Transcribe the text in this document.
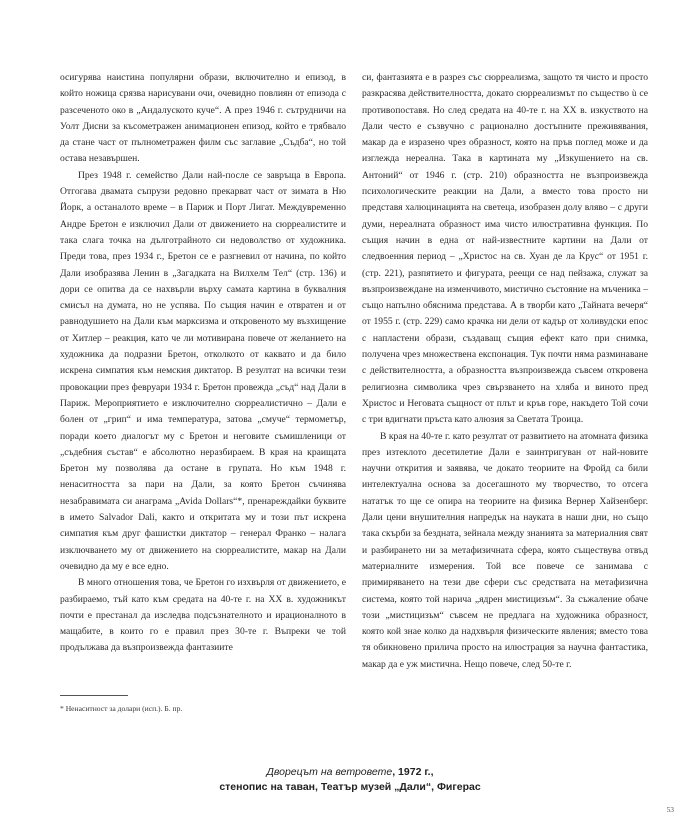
осигурява наистина популярни образи, включително и епизод, в който ножица срязва нарисувани очи, очевидно повлиян от епизода с разсеченото око в „Андалуското куче“. А през 1946 г. сътрудничи на Уолт Дисни за късометражен анимационен епизод, който е трябвало да стане част от пълнометражен филм със заглавие „Съдба“, но той остава незавършен.

През 1948 г. семейство Дали най-после се завръща в Европа. Отгогава двамата съпрузи редовно прекарват част от зимата в Ню Йорк, а останалото време – в Париж и Порт Лигат. Междувременно Андре Бретон е изключил Дали от движението на сюрреалистите и така слага точка на дълготрайното си недоволство от художника. Преди това, през 1934 г., Бретон се е разгневил от начина, по който Дали изобразява Ленин в „Загадката на Вилхелм Тел“ (стр. 136) и дори се опитва да се нахвърли върху самата картина в буквалния смисъл на думата, но не успява. По същия начин е отвратен и от равнодушието на Дали към марксизма и откровеното му възхищение от Хитлер – реакция, като че ли мотивирана повече от желанието на художника да подразни Бретон, отколкото от каквато и да било искрена симпатия към немския диктатор. В резултат на всички тези провокации през февруари 1934 г. Бретон провежда „съд“ над Дали в Париж. Мероприятието е изключително сюрреалистично – Дали е болен от „грип“ и има температура, затова „смуче“ термометър, поради което диалогът му с Бретон и неговите съмишленици от „съдебния състав“ е абсолютно неразбираем. В края на краищата Бретон му позволява да остане в групата. Но към 1948 г. ненаситността за пари на Дали, за която Бретон съчинява незабравимата си анаграма „Avida Dollars“*, пренареждайки буквите в името Salvador Dali, както и откритата му и този път искрена симпатия към друг фашистки диктатор – генерал Франко – налага изключването му от движението на сюрреалистите, макар на Дали очевидно да му е все едно.

В много отношения това, че Бретон го изхвърля от движението, е разбираемо, тъй като към средата на 40-те г. на XX в. художникът почти е престанал да изследва подсъзнателното и ирационалното в мащабите, в които го е правил през 30-те г. Въпреки че той продължава да възпроизвежда фантазиите

си, фантазията е в разрез със сюрреализма, защото тя чисто и просто разкрасява действителността, докато сюрреализмът по същество ù се противопоставя. Но след средата на 40-те г. на XX в. изкуството на Дали често е съзвучно с рационално достъпните преживявания, макар да е изразено чрез образност, която на пръв поглед може и да изглежда нереална. Така в картината му „Изкушението на св. Антоний“ от 1946 г. (стр. 210) образността не възпроизвежда психологическите реакции на Дали, а вместо това просто ни представя халюцинацията на светеца, изобразен долу вляво – с други думи, нереалната образност има чисто илюстративна функция. По същия начин в една от най-известните картини на Дали от следвоенния период – „Христос на св. Хуан де ла Крус“ от 1951 г. (стр. 221), разпятието и фигурата, реещи се над пейзажа, служат за възпроизвеждане на изменчивото, мистично състояние на мъченика – също напълно обяснима представа. А в творби като „Тайната вечеря“ от 1955 г. (стр. 229) само крачка ни дели от кадър от холивудски епос с напластени образи, създаващ същия ефект като при снимка, получена чрез множествена експонация. Тук почти няма разминаване с действителността, а образността възпроизвежда съвсем откровена религиозна символика чрез свързването на хляба и виното пред Христос и Неговата същност от плът и кръв горе, накъдето Той сочи с три вдигнати пръста като алюзия за Светата Троица.

В края на 40-те г. като резултат от развитието на атомната физика през изтеклото десетилетие Дали е заинтригуван от най-новите научни открития и заявява, че докато теориите на Фройд са били интелектуална основа за досегашното му творчество, то отсега нататък то ще се опира на теориите на физика Вернер Хайзенберг. Дали цени внушителния напредък на науката в наши дни, но също така скърби за бездната, зейнала между знанията за материалния свят и разбирането ни за метафизичната сфера, която съществува отвъд материалните измерения. Той все повече се занимава с примиряването на тези две сфери със средствата на метафизична система, която той нарича „ядрен мистицизъм“. За съжаление обаче този „мистицизъм“ съвсем не предлага на художника образност, която кой знае колко да надхвърля физическите явления; вместо това тя обикновено прилича просто на илюстрация за научна фантастика, макар да е уж мистична. Нещо повече, след 50-те г.

* Ненаситност за долари (исп.). Б. пр.
Дворецът на ветровете, 1972 г.,
стенопис на таван, Театър музей „Дали“, Фигерас
53
